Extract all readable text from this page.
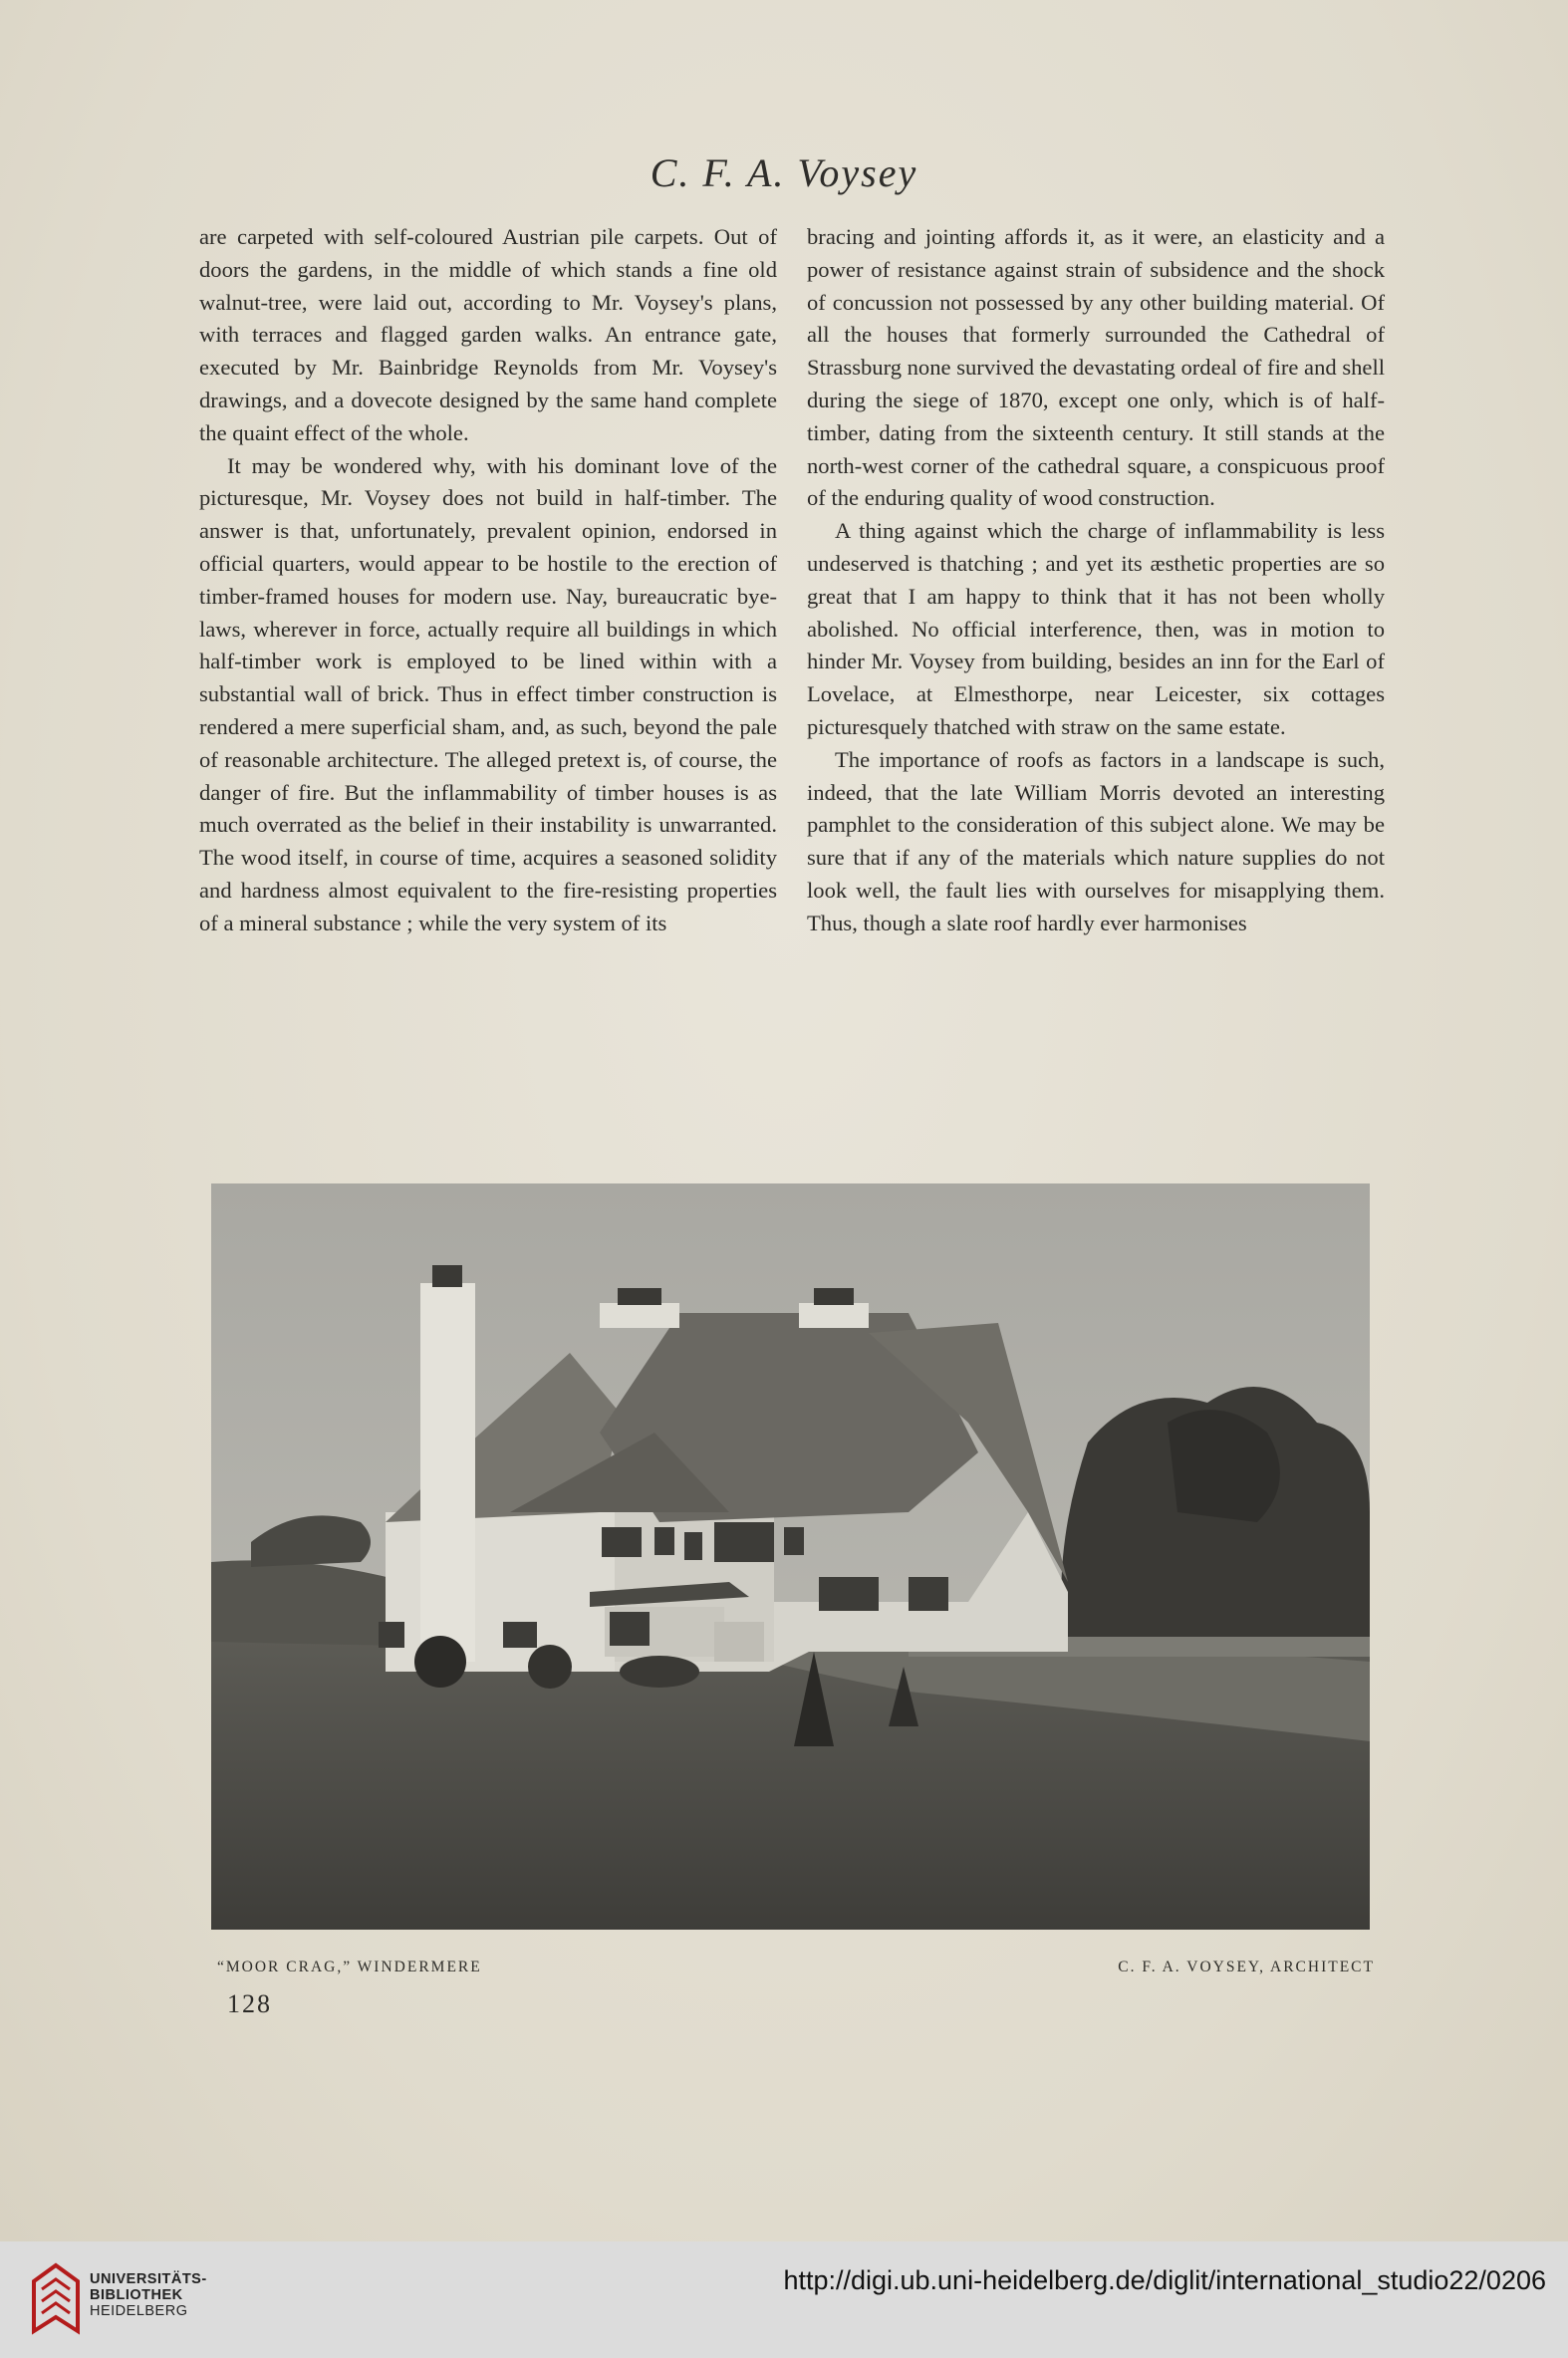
C. F. A. Voysey

are carpeted with self-coloured Austrian pile carpets. Out of doors the gardens, in the middle of which stands a fine old walnut-tree, were laid out, according to Mr. Voysey's plans, with terraces and flagged garden walks. An entrance gate, executed by Mr. Bainbridge Reynolds from Mr. Voysey's drawings, and a dovecote designed by the same hand complete the quaint effect of the whole.

It may be wondered why, with his dominant love of the picturesque, Mr. Voysey does not build in half-timber. The answer is that, unfortunately, prevalent opinion, endorsed in official quarters, would appear to be hostile to the erection of timber-framed houses for modern use. Nay, bureaucratic bye-laws, wherever in force, actually require all buildings in which half-timber work is employed to be lined within with a substantial wall of brick. Thus in effect timber construction is rendered a mere superficial sham, and, as such, beyond the pale of reasonable architecture. The alleged pretext is, of course, the danger of fire. But the inflammability of timber houses is as much overrated as the belief in their instability is unwarranted. The wood itself, in course of time, acquires a seasoned solidity and hardness almost equivalent to the fire-resisting properties of a mineral substance ; while the very system of its

bracing and jointing affords it, as it were, an elasticity and a power of resistance against strain of subsidence and the shock of concussion not possessed by any other building material. Of all the houses that formerly surrounded the Cathedral of Strassburg none survived the devastating ordeal of fire and shell during the siege of 1870, except one only, which is of half-timber, dating from the sixteenth century. It still stands at the north-west corner of the cathedral square, a conspicuous proof of the enduring quality of wood construction.

A thing against which the charge of inflammability is less undeserved is thatching ; and yet its æsthetic properties are so great that I am happy to think that it has not been wholly abolished. No official interference, then, was in motion to hinder Mr. Voysey from building, besides an inn for the Earl of Lovelace, at Elmesthorpe, near Leicester, six cottages picturesquely thatched with straw on the same estate.

The importance of roofs as factors in a landscape is such, indeed, that the late William Morris devoted an interesting pamphlet to the consideration of this subject alone. We may be sure that if any of the materials which nature supplies do not look well, the fault lies with ourselves for misapplying them. Thus, though a slate roof hardly ever harmonises

“MOOR CRAG,” WINDERMERE	C. F. A. VOYSEY, ARCHITECT
128
UNIVERSITÄTS-
BIBLIOTHEK
HEIDELBERG
http://digi.ub.uni-heidelberg.de/diglit/international_studio22/0206
